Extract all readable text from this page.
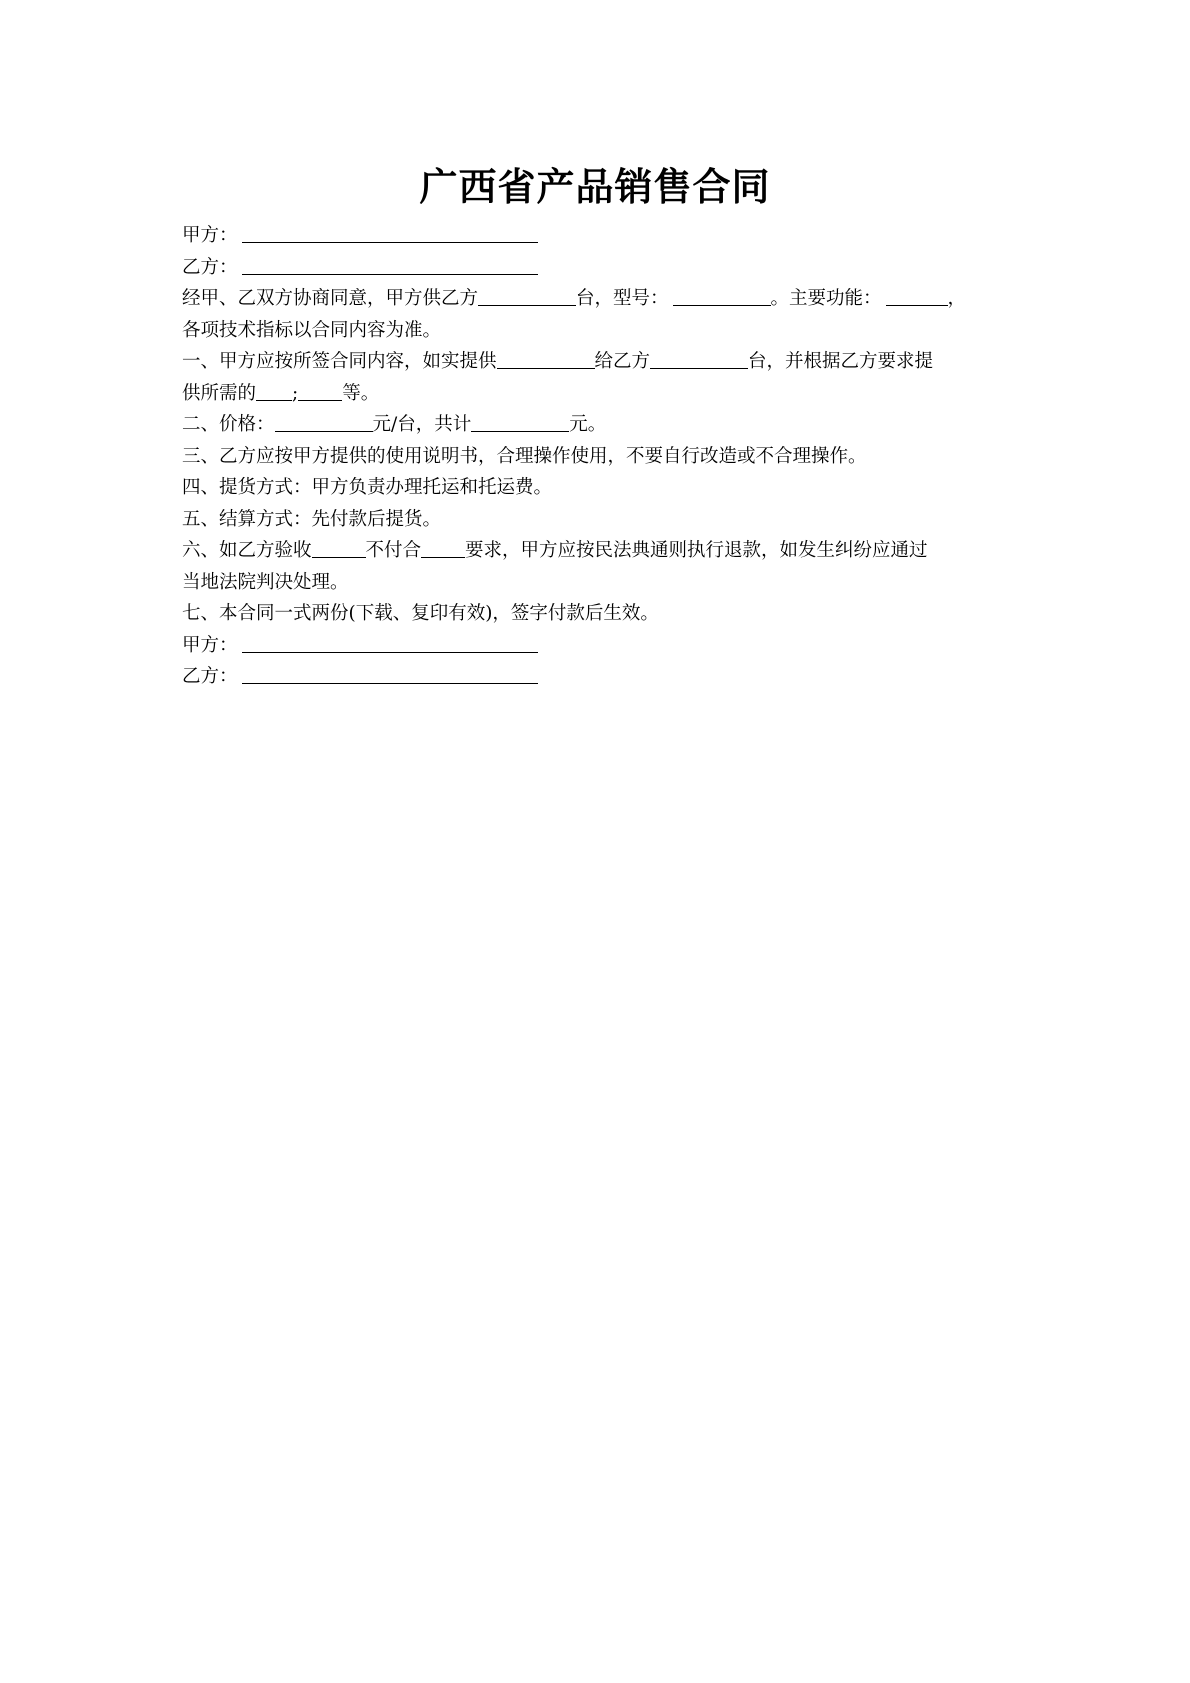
广西省产品销售合同
甲方：
乙方：
经甲、乙双方协商同意，甲方供乙方	台，型号：	。主要功能：	，
各项技术指标以合同内容为准。
一、甲方应按所签合同内容，如实提供	给乙方	台，并根据乙方要求提
供所需的 ; 等。
二、价格：	元/台，共计	元。
三、乙方应按甲方提供的使用说明书，合理操作使用，不要自行改造或不合理操作。
四、提货方式：甲方负责办理托运和托运费。
五、结算方式：先付款后提货。
六、如乙方验收	不付合 要求，甲方应按民法典通则执行退款，如发生纠纷应通过
当地法院判决处理。
七、本合同一式两份(下载、复印有效)，签字付款后生效。
甲方：
乙方：
